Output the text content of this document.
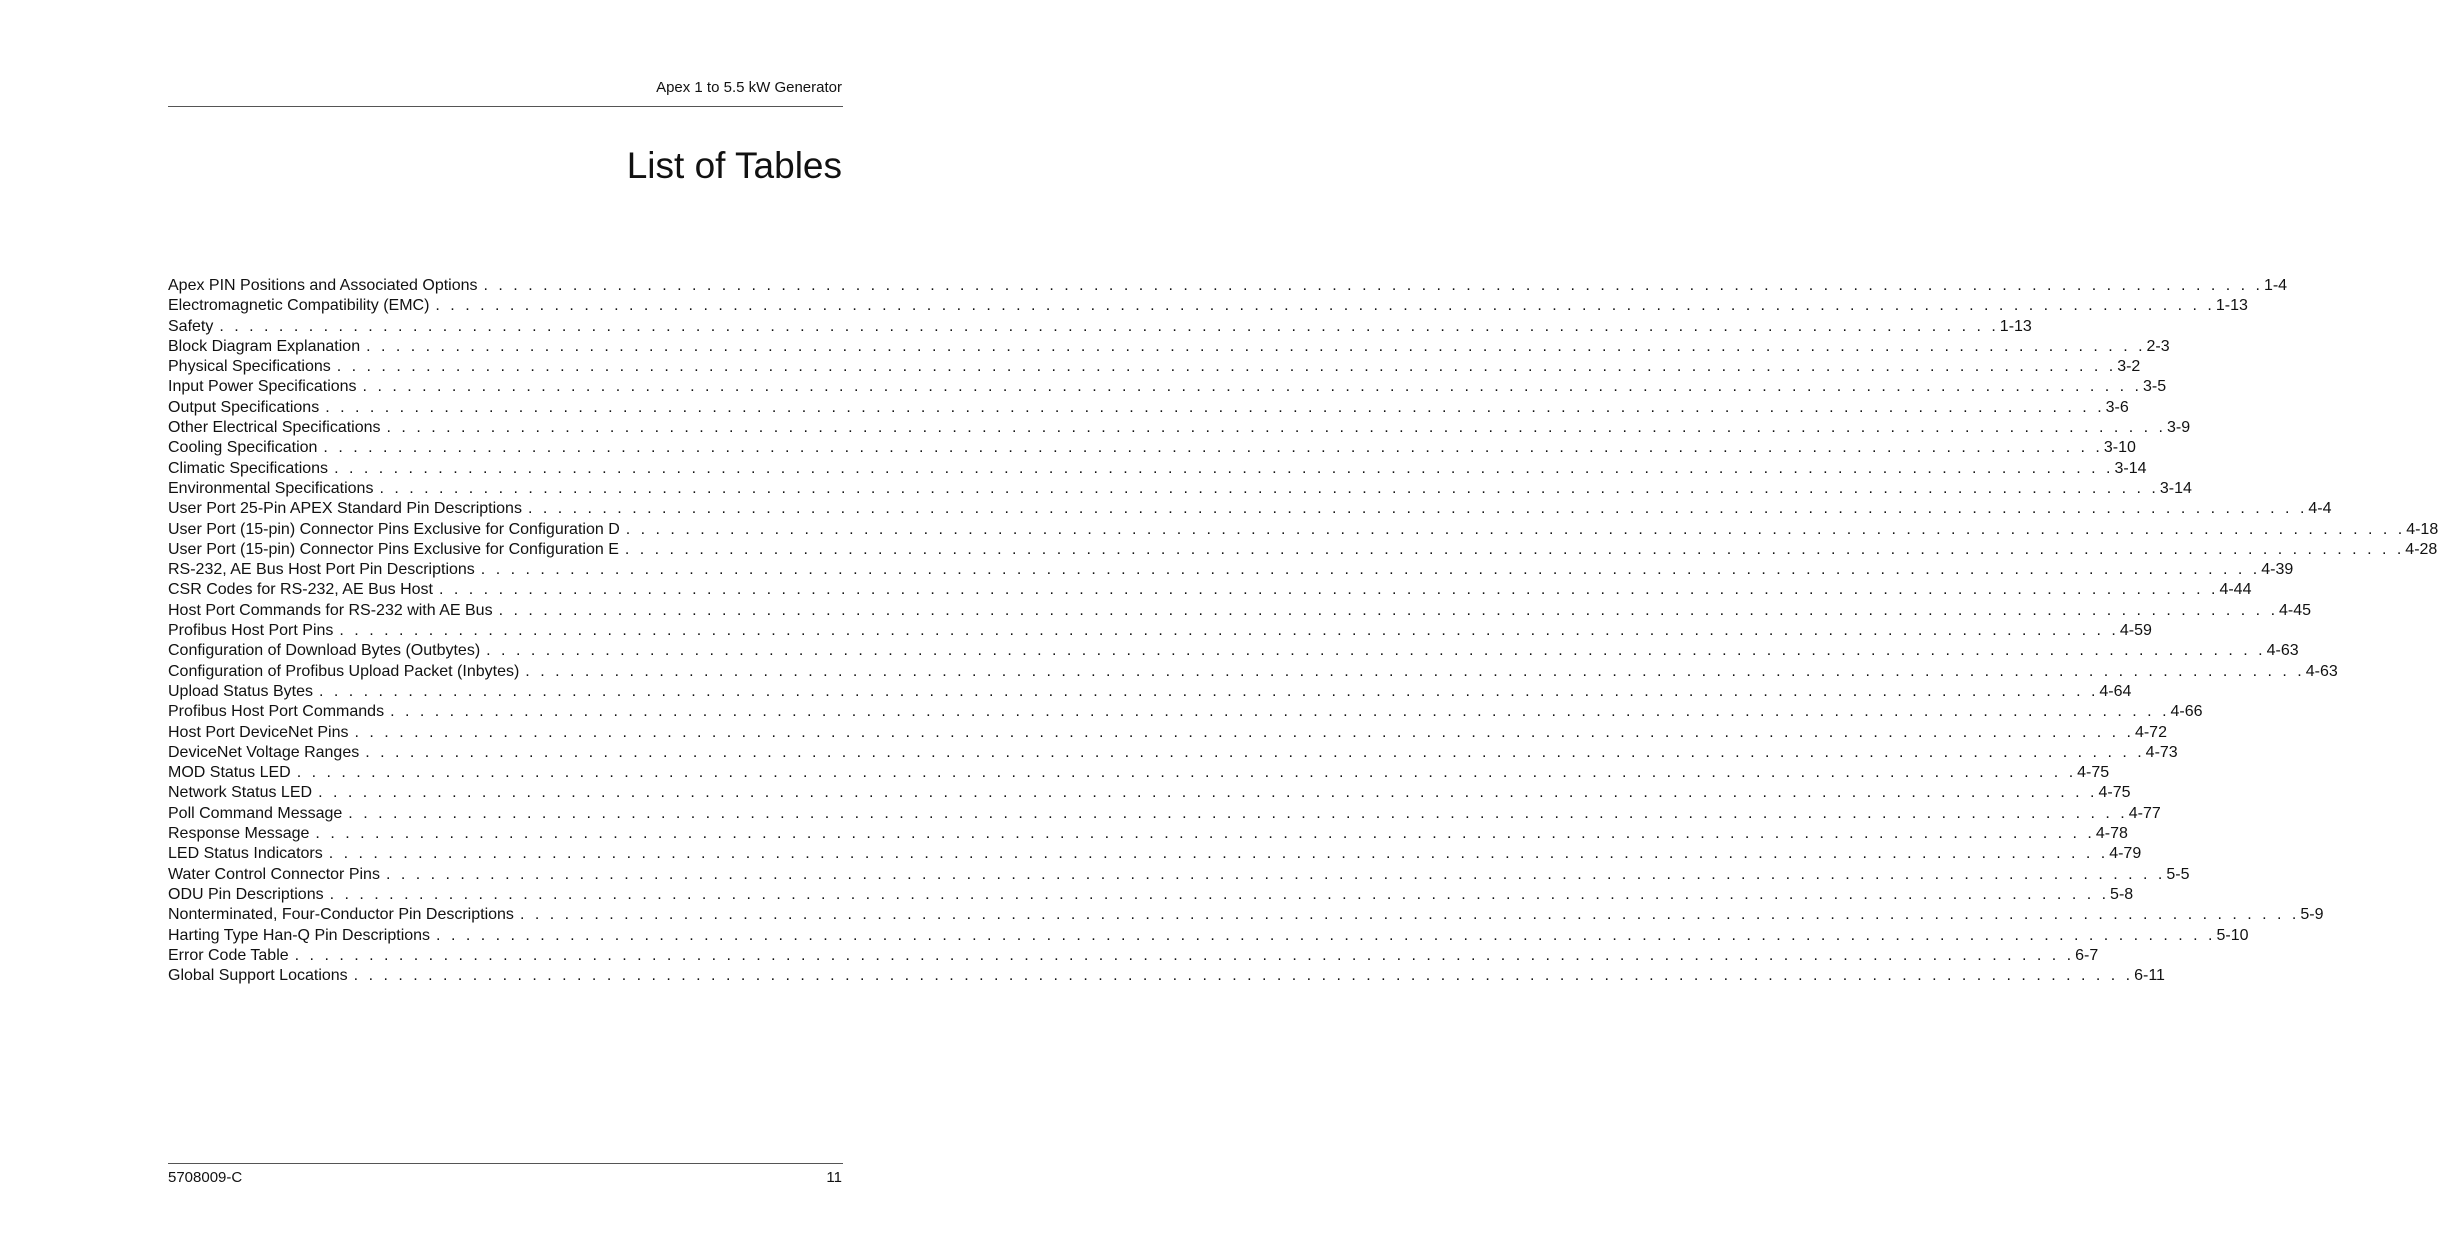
Apex 1 to 5.5 kW Generator
List of Tables
Apex PIN Positions and Associated Options . . . . . . . . . . . . . . . . . . . . . . . . . . . . . . . . . . . . . . . . . . . . . . . . . . . . . . . . . . . . . . . . . . . . . . . . . . . . . . . . . . . . . . . . . . . . . . . . . . . . . . . . . . . . . . . . . . . . . . . . 1-4
Electromagnetic Compatibility (EMC) . . . . . . . . . . . . . . . . . . . . . . . . . . . . . . . . . . . . . . . . . . . . . . . . . . . . . . . . . . . . . . . . . . . . . . . . . . . . . . . . . . . . . . . . . . . . . . . . . . . . . . . . . . . . . . . . . . . . . . . . 1-13
Safety . . . . . . . . . . . . . . . . . . . . . . . . . . . . . . . . . . . . . . . . . . . . . . . . . . . . . . . . . . . . . . . . . . . . . . . . . . . . . . . . . . . . . . . . . . . . . . . . . . . . . . . . . . . . . . . . . . . . . . . . 1-13
Block Diagram Explanation . . . . . . . . . . . . . . . . . . . . . . . . . . . . . . . . . . . . . . . . . . . . . . . . . . . . . . . . . . . . . . . . . . . . . . . . . . . . . . . . . . . . . . . . . . . . . . . . . . . . . . . . . . . . . . . . . . . . . . . . 2-3
Physical Specifications . . . . . . . . . . . . . . . . . . . . . . . . . . . . . . . . . . . . . . . . . . . . . . . . . . . . . . . . . . . . . . . . . . . . . . . . . . . . . . . . . . . . . . . . . . . . . . . . . . . . . . . . . . . . . . . . . . . . . . . . 3-2
Input Power Specifications . . . . . . . . . . . . . . . . . . . . . . . . . . . . . . . . . . . . . . . . . . . . . . . . . . . . . . . . . . . . . . . . . . . . . . . . . . . . . . . . . . . . . . . . . . . . . . . . . . . . . . . . . . . . . . . . . . . . . . . . 3-5
Output Specifications . . . . . . . . . . . . . . . . . . . . . . . . . . . . . . . . . . . . . . . . . . . . . . . . . . . . . . . . . . . . . . . . . . . . . . . . . . . . . . . . . . . . . . . . . . . . . . . . . . . . . . . . . . . . . . . . . . . . . . . . 3-6
Other Electrical Specifications . . . . . . . . . . . . . . . . . . . . . . . . . . . . . . . . . . . . . . . . . . . . . . . . . . . . . . . . . . . . . . . . . . . . . . . . . . . . . . . . . . . . . . . . . . . . . . . . . . . . . . . . . . . . . . . . . . . . . . . . 3-9
Cooling Specification . . . . . . . . . . . . . . . . . . . . . . . . . . . . . . . . . . . . . . . . . . . . . . . . . . . . . . . . . . . . . . . . . . . . . . . . . . . . . . . . . . . . . . . . . . . . . . . . . . . . . . . . . . . . . . . . . . . . . . . . 3-10
Climatic Specifications . . . . . . . . . . . . . . . . . . . . . . . . . . . . . . . . . . . . . . . . . . . . . . . . . . . . . . . . . . . . . . . . . . . . . . . . . . . . . . . . . . . . . . . . . . . . . . . . . . . . . . . . . . . . . . . . . . . . . . . . 3-14
Environmental Specifications . . . . . . . . . . . . . . . . . . . . . . . . . . . . . . . . . . . . . . . . . . . . . . . . . . . . . . . . . . . . . . . . . . . . . . . . . . . . . . . . . . . . . . . . . . . . . . . . . . . . . . . . . . . . . . . . . . . . . . . . 3-14
User Port 25-Pin APEX Standard Pin Descriptions . . . . . . . . . . . . . . . . . . . . . . . . . . . . . . . . . . . . . . . . . . . . . . . . . . . . . . . . . . . . . . . . . . . . . . . . . . . . . . . . . . . . . . . . . . . . . . . . . . . . . . . . . . . . . . . . . . . . . . . . 4-4
User Port (15-pin) Connector Pins Exclusive for Configuration D . . . . . . . . . . . . . . . . . . . . . . . . . . . . . . . . . . . . . . . . . . . . . . . . . . . . . . . . . . . . . . . . . . . . . . . . . . . . . . . . . . . . . . . . . . . . . . . . . . . . . . . . . . . . . . . . . . . . . . . . 4-18
User Port (15-pin) Connector Pins Exclusive for Configuration E . . . . . . . . . . . . . . . . . . . . . . . . . . . . . . . . . . . . . . . . . . . . . . . . . . . . . . . . . . . . . . . . . . . . . . . . . . . . . . . . . . . . . . . . . . . . . . . . . . . . . . . . . . . . . . . . . . . . . . . . 4-28
RS-232, AE Bus Host Port Pin Descriptions . . . . . . . . . . . . . . . . . . . . . . . . . . . . . . . . . . . . . . . . . . . . . . . . . . . . . . . . . . . . . . . . . . . . . . . . . . . . . . . . . . . . . . . . . . . . . . . . . . . . . . . . . . . . . . . . . . . . . . . . 4-39
CSR Codes for RS-232, AE Bus Host . . . . . . . . . . . . . . . . . . . . . . . . . . . . . . . . . . . . . . . . . . . . . . . . . . . . . . . . . . . . . . . . . . . . . . . . . . . . . . . . . . . . . . . . . . . . . . . . . . . . . . . . . . . . . . . . . . . . . . . . 4-44
Host Port Commands for RS-232 with AE Bus . . . . . . . . . . . . . . . . . . . . . . . . . . . . . . . . . . . . . . . . . . . . . . . . . . . . . . . . . . . . . . . . . . . . . . . . . . . . . . . . . . . . . . . . . . . . . . . . . . . . . . . . . . . . . . . . . . . . . . . . 4-45
Profibus Host Port Pins . . . . . . . . . . . . . . . . . . . . . . . . . . . . . . . . . . . . . . . . . . . . . . . . . . . . . . . . . . . . . . . . . . . . . . . . . . . . . . . . . . . . . . . . . . . . . . . . . . . . . . . . . . . . . . . . . . . . . . . . 4-59
Configuration of Download Bytes (Outbytes) . . . . . . . . . . . . . . . . . . . . . . . . . . . . . . . . . . . . . . . . . . . . . . . . . . . . . . . . . . . . . . . . . . . . . . . . . . . . . . . . . . . . . . . . . . . . . . . . . . . . . . . . . . . . . . . . . . . . . . . . 4-63
Configuration of Profibus Upload Packet (Inbytes) . . . . . . . . . . . . . . . . . . . . . . . . . . . . . . . . . . . . . . . . . . . . . . . . . . . . . . . . . . . . . . . . . . . . . . . . . . . . . . . . . . . . . . . . . . . . . . . . . . . . . . . . . . . . . . . . . . . . . . . . 4-63
Upload Status Bytes . . . . . . . . . . . . . . . . . . . . . . . . . . . . . . . . . . . . . . . . . . . . . . . . . . . . . . . . . . . . . . . . . . . . . . . . . . . . . . . . . . . . . . . . . . . . . . . . . . . . . . . . . . . . . . . . . . . . . . . . 4-64
Profibus Host Port Commands . . . . . . . . . . . . . . . . . . . . . . . . . . . . . . . . . . . . . . . . . . . . . . . . . . . . . . . . . . . . . . . . . . . . . . . . . . . . . . . . . . . . . . . . . . . . . . . . . . . . . . . . . . . . . . . . . . . . . . . . 4-66
Host Port DeviceNet Pins . . . . . . . . . . . . . . . . . . . . . . . . . . . . . . . . . . . . . . . . . . . . . . . . . . . . . . . . . . . . . . . . . . . . . . . . . . . . . . . . . . . . . . . . . . . . . . . . . . . . . . . . . . . . . . . . . . . . . . . . 4-72
DeviceNet Voltage Ranges . . . . . . . . . . . . . . . . . . . . . . . . . . . . . . . . . . . . . . . . . . . . . . . . . . . . . . . . . . . . . . . . . . . . . . . . . . . . . . . . . . . . . . . . . . . . . . . . . . . . . . . . . . . . . . . . . . . . . . . . 4-73
MOD Status LED . . . . . . . . . . . . . . . . . . . . . . . . . . . . . . . . . . . . . . . . . . . . . . . . . . . . . . . . . . . . . . . . . . . . . . . . . . . . . . . . . . . . . . . . . . . . . . . . . . . . . . . . . . . . . . . . . . . . . . . . 4-75
Network Status LED . . . . . . . . . . . . . . . . . . . . . . . . . . . . . . . . . . . . . . . . . . . . . . . . . . . . . . . . . . . . . . . . . . . . . . . . . . . . . . . . . . . . . . . . . . . . . . . . . . . . . . . . . . . . . . . . . . . . . . . . 4-75
Poll Command Message . . . . . . . . . . . . . . . . . . . . . . . . . . . . . . . . . . . . . . . . . . . . . . . . . . . . . . . . . . . . . . . . . . . . . . . . . . . . . . . . . . . . . . . . . . . . . . . . . . . . . . . . . . . . . . . . . . . . . . . . 4-77
Response Message . . . . . . . . . . . . . . . . . . . . . . . . . . . . . . . . . . . . . . . . . . . . . . . . . . . . . . . . . . . . . . . . . . . . . . . . . . . . . . . . . . . . . . . . . . . . . . . . . . . . . . . . . . . . . . . . . . . . . . . . 4-78
LED Status Indicators . . . . . . . . . . . . . . . . . . . . . . . . . . . . . . . . . . . . . . . . . . . . . . . . . . . . . . . . . . . . . . . . . . . . . . . . . . . . . . . . . . . . . . . . . . . . . . . . . . . . . . . . . . . . . . . . . . . . . . . . 4-79
Water Control Connector Pins . . . . . . . . . . . . . . . . . . . . . . . . . . . . . . . . . . . . . . . . . . . . . . . . . . . . . . . . . . . . . . . . . . . . . . . . . . . . . . . . . . . . . . . . . . . . . . . . . . . . . . . . . . . . . . . . . . . . . . . . 5-5
ODU Pin Descriptions . . . . . . . . . . . . . . . . . . . . . . . . . . . . . . . . . . . . . . . . . . . . . . . . . . . . . . . . . . . . . . . . . . . . . . . . . . . . . . . . . . . . . . . . . . . . . . . . . . . . . . . . . . . . . . . . . . . . . . . . 5-8
Nonterminated, Four-Conductor Pin Descriptions . . . . . . . . . . . . . . . . . . . . . . . . . . . . . . . . . . . . . . . . . . . . . . . . . . . . . . . . . . . . . . . . . . . . . . . . . . . . . . . . . . . . . . . . . . . . . . . . . . . . . . . . . . . . . . . . . . . . . . . . 5-9
Harting Type Han-Q Pin Descriptions . . . . . . . . . . . . . . . . . . . . . . . . . . . . . . . . . . . . . . . . . . . . . . . . . . . . . . . . . . . . . . . . . . . . . . . . . . . . . . . . . . . . . . . . . . . . . . . . . . . . . . . . . . . . . . . . . . . . . . . . 5-10
Error Code Table . . . . . . . . . . . . . . . . . . . . . . . . . . . . . . . . . . . . . . . . . . . . . . . . . . . . . . . . . . . . . . . . . . . . . . . . . . . . . . . . . . . . . . . . . . . . . . . . . . . . . . . . . . . . . . . . . . . . . . . . 6-7
Global Support Locations . . . . . . . . . . . . . . . . . . . . . . . . . . . . . . . . . . . . . . . . . . . . . . . . . . . . . . . . . . . . . . . . . . . . . . . . . . . . . . . . . . . . . . . . . . . . . . . . . . . . . . . . . . . . . . . . . . . . . . . . 6-11
5708009-C	11
